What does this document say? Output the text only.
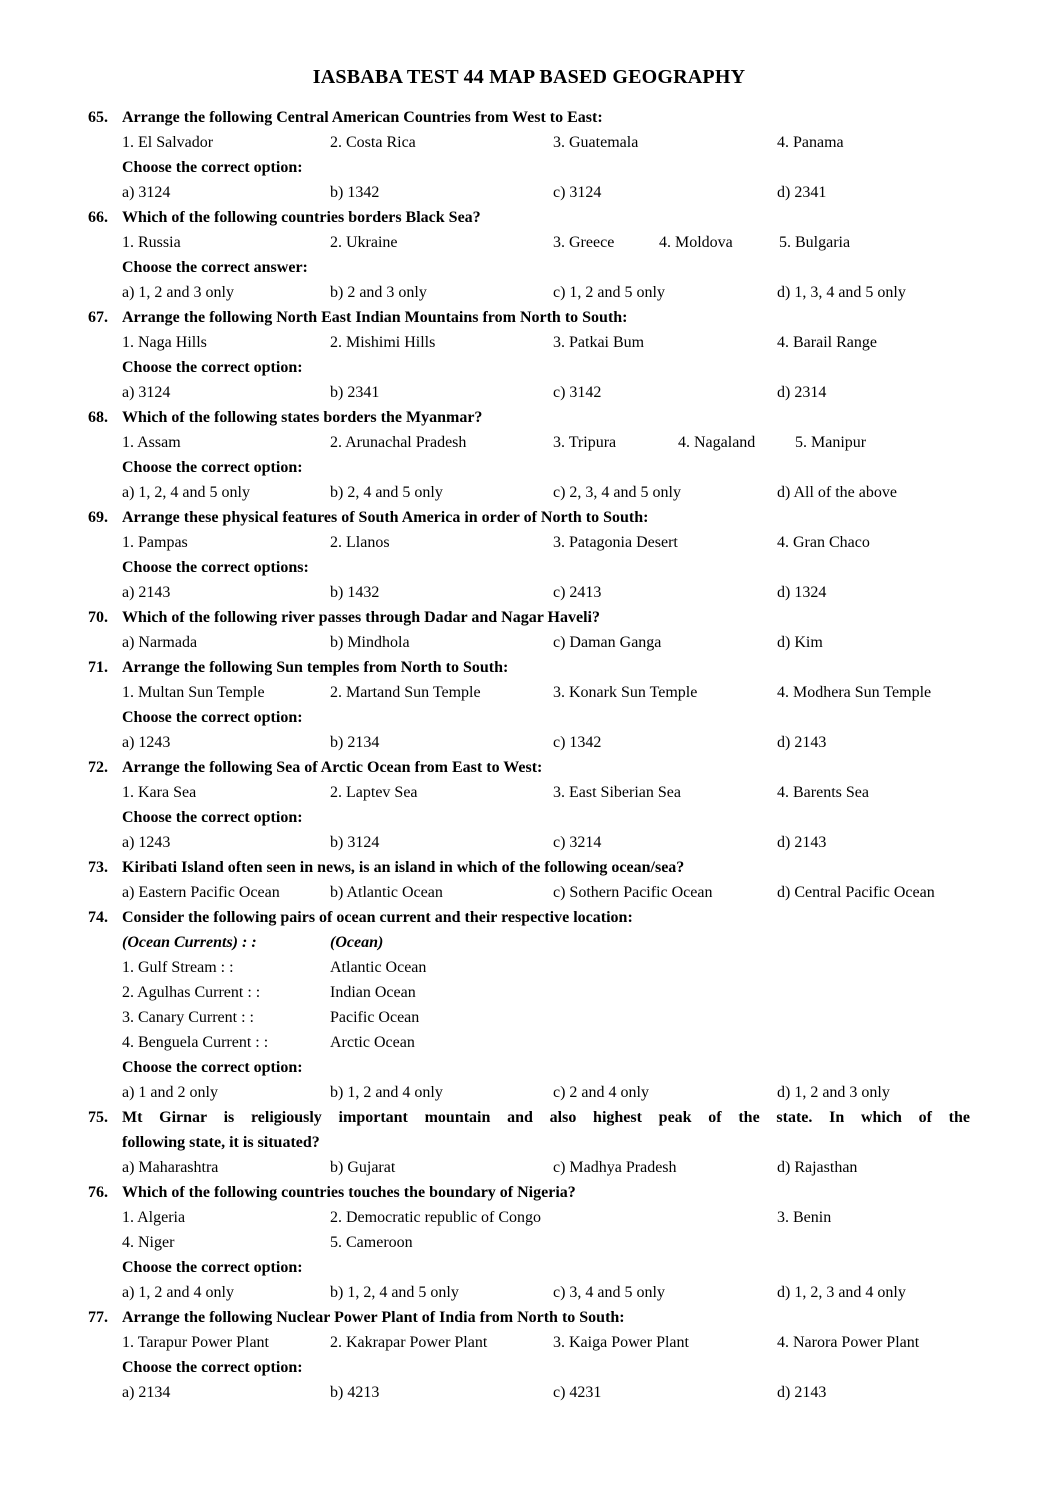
IASBABA TEST 44 MAP BASED GEOGRAPHY
65. Arrange the following Central American Countries from West to East:
1. El Salvador	2. Costa Rica	3. Guatemala	4. Panama
Choose the correct option:
a) 3124	b) 1342	c) 3124	d) 2341
66. Which of the following countries borders Black Sea?
1. Russia	2. Ukraine	3. Greece	4. Moldova	5. Bulgaria
Choose the correct answer:
a) 1, 2 and 3 only	b) 2 and 3 only	c) 1, 2 and 5 only	d) 1, 3, 4 and 5 only
67. Arrange the following North East Indian Mountains from North to South:
1. Naga Hills	2. Mishimi Hills	3. Patkai Bum	4. Barail Range
Choose the correct option:
a) 3124	b) 2341	c) 3142	d) 2314
68. Which of the following states borders the Myanmar?
1. Assam	2. Arunachal Pradesh	3. Tripura	4. Nagaland 5. Manipur
Choose the correct option:
a) 1, 2, 4 and 5 only	b) 2, 4 and 5 only	c) 2, 3, 4 and 5 only	d) All of the above
69. Arrange these physical features of South America in order of North to South:
1. Pampas	2. Llanos	3. Patagonia Desert	4. Gran Chaco
Choose the correct options:
a) 2143	b) 1432	c) 2413	d) 1324
70. Which of the following river passes through Dadar and Nagar Haveli?
a) Narmada	b) Mindhola	c) Daman Ganga	d) Kim
71. Arrange the following Sun temples from North to South:
1. Multan Sun Temple	2. Martand Sun Temple	3. Konark Sun Temple	4. Modhera Sun Temple
Choose the correct option:
a) 1243	b) 2134	c) 1342	d) 2143
72. Arrange the following Sea of Arctic Ocean from East to West:
1. Kara Sea	2. Laptev Sea	3. East Siberian Sea	4. Barents Sea
Choose the correct option:
a) 1243	b) 3124	c) 3214	d) 2143
73. Kiribati Island often seen in news, is an island in which of the following ocean/sea?
a) Eastern Pacific Ocean	b) Atlantic Ocean	c) Sothern Pacific Ocean	d) Central Pacific Ocean
74. Consider the following pairs of ocean current and their respective location:
(Ocean Currents) : :	(Ocean)
1. Gulf Stream : :	Atlantic Ocean
2. Agulhas Current : :	Indian Ocean
3. Canary Current : :	Pacific Ocean
4. Benguela Current : :	Arctic Ocean
Choose the correct option:
a) 1 and 2 only	b) 1, 2 and 4 only	c) 2 and 4 only	d) 1, 2 and 3 only
75. Mt Girnar is religiously important mountain and also highest peak of the state. In which of the
following state, it is situated?
a) Maharashtra	b) Gujarat	c) Madhya Pradesh	d) Rajasthan
76. Which of the following countries touches the boundary of Nigeria?
1. Algeria	2. Democratic republic of Congo	3. Benin
4. Niger	5. Cameroon
Choose the correct option:
a) 1, 2 and 4 only	b) 1, 2, 4 and 5 only	c) 3, 4 and 5 only	d) 1, 2, 3 and 4 only
77. Arrange the following Nuclear Power Plant of India from North to South:
1. Tarapur Power Plant	2. Kakrapar Power Plant	3. Kaiga Power Plant	4. Narora Power Plant
Choose the correct option:
a) 2134	b) 4213	c) 4231	d) 2143
